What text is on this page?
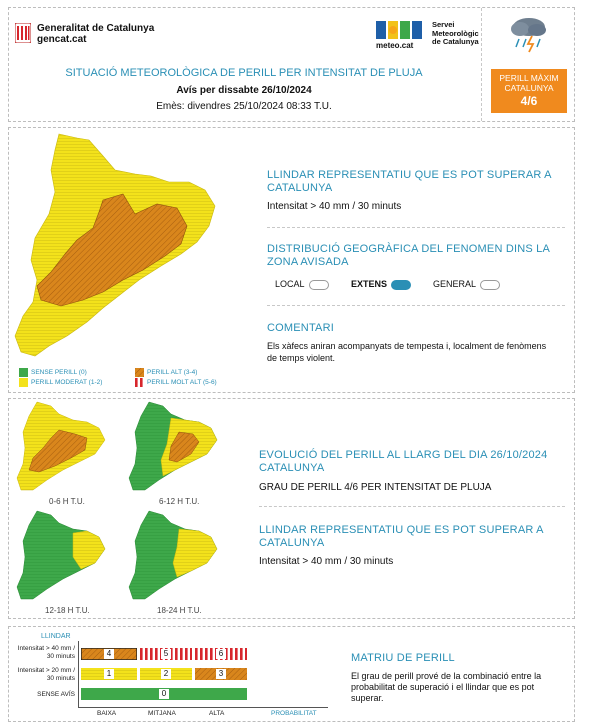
Generalitat de Catalunya
gencat.cat
meteo.cat
Servei
Meteorològic
de Catalunya
PERILL MÀXIM
CATALUNYA
4/6
SITUACIÓ METEOROLÒGICA DE PERILL PER INTENSITAT DE PLUJA
Avís per dissabte 26/10/2024
Emès: divendres 25/10/2024 08:33 T.U.
SENSE PERILL (0)
PERILL MODERAT (1-2)
PERILL ALT (3-4)
PERILL MOLT ALT (5-6)
LLINDAR REPRESENTATIU QUE ES POT SUPERAR A CATALUNYA
Intensitat > 40 mm / 30 minuts
DISTRIBUCIÓ GEOGRÀFICA DEL FENOMEN DINS LA ZONA AVISADA
LOCAL	EXTENS	GENERAL
COMENTARI
Els xàfecs aniran acompanyats de tempesta i, localment de fenòmens de temps violent.
0-6 H T.U.	6-12 H T.U.
12-18 H T.U.	18-24 H T.U.
EVOLUCIÓ DEL PERILL AL LLARG DEL DIA 26/10/2024 CATALUNYA
GRAU DE PERILL 4/6 PER INTENSITAT DE PLUJA
LLINDAR REPRESENTATIU QUE ES POT SUPERAR A CATALUNYA
Intensitat > 40 mm / 30 minuts
LLINDAR
Intensitat > 40 mm / 30 minuts
Intensitat > 20 mm / 30 minuts
SENSE AVÍS
4	5	6
1	2	3
0
BAIXA	MITJANA	ALTA	PROBABILITAT
MATRIU DE PERILL
El grau de perill prové de la combinació entre la probabilitat de superació i el llindar que es pot superar.
